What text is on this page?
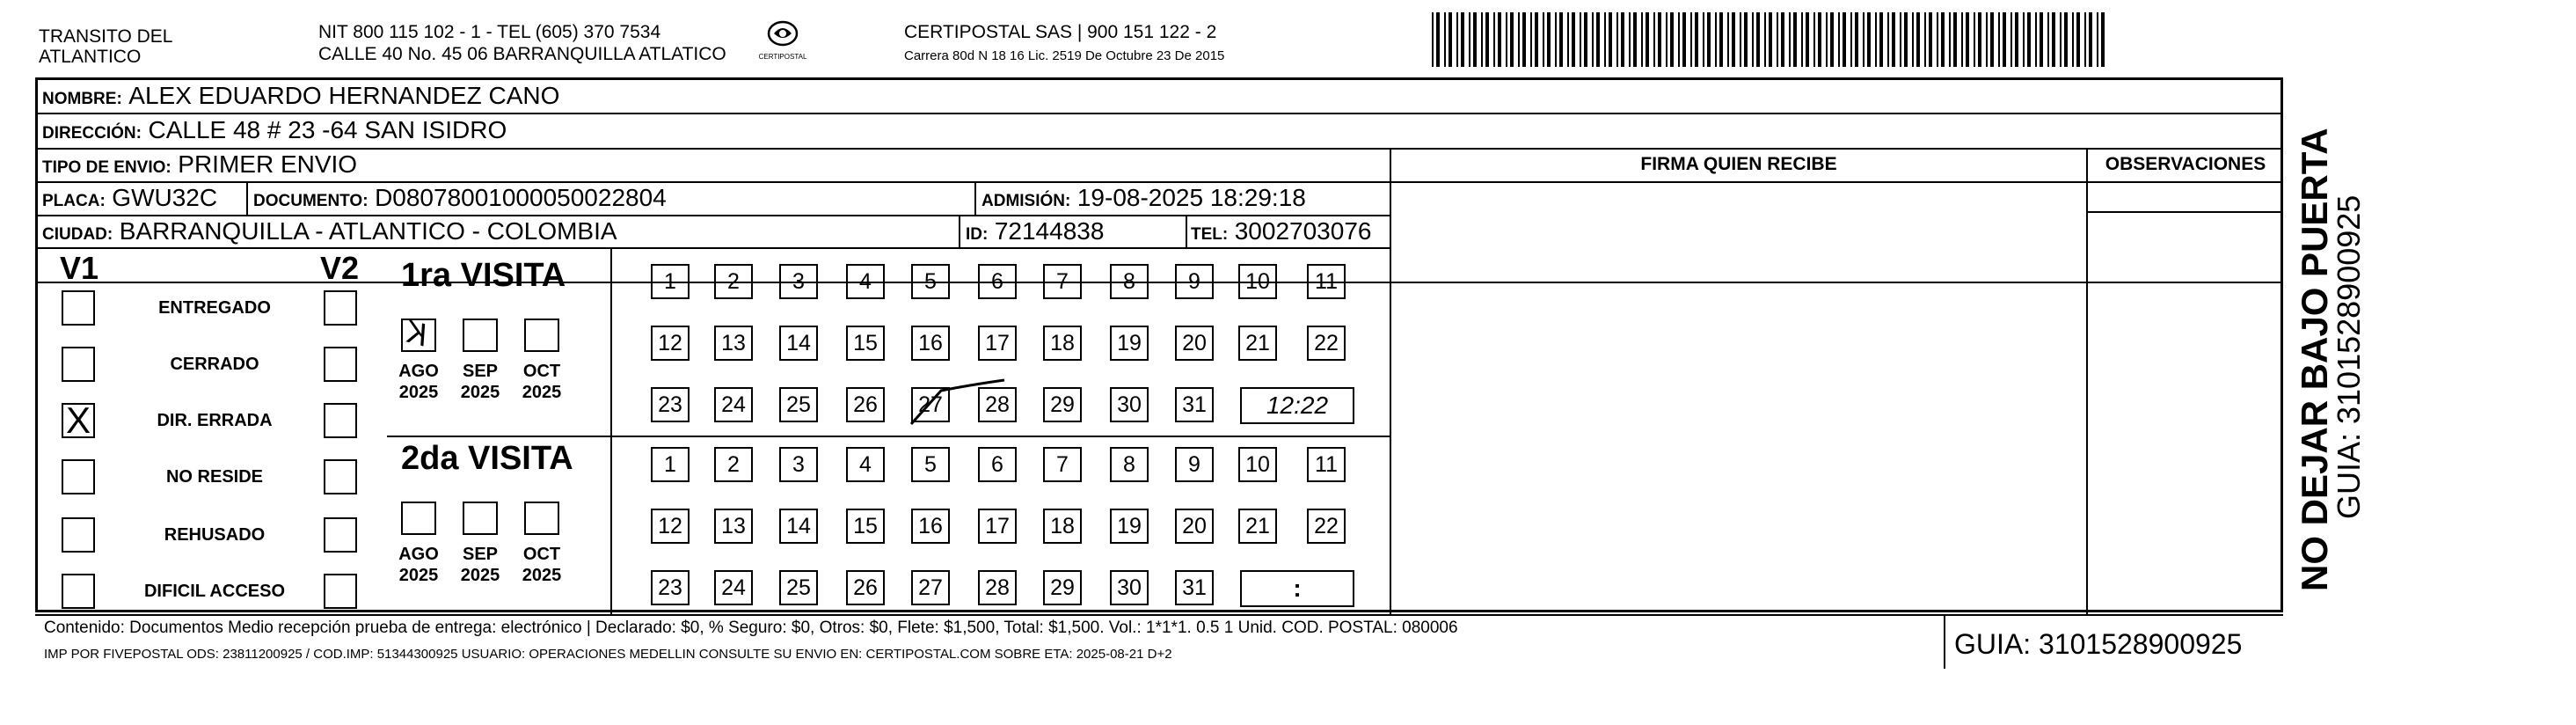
TRANSITO DEL
ATLANTICO
NIT 800 115 102 - 1 - TEL (605) 370 7534
CALLE 40 No. 45 06 BARRANQUILLA ATLATICO	CERTIPOSTAL
CERTIPOSTAL SAS | 900 151 122 - 2
Carrera 80d N 18 16 Lic. 2519 De Octubre 23 De 2015
NOMBRE: ALEX EDUARDO HERNANDEZ CANO
DIRECCIÓN: CALLE 48 # 23 -64 SAN ISIDRO
TIPO DE ENVIO: PRIMER ENVIO	FIRMA QUIEN RECIBE	OBSERVACIONES
PLACA: GWU32C DOCUMENTO: D0807800100005002280​4	ADMISIÓN: 19-08-2025 18:29:18
CIUDAD: BARRANQUILLA - ATLANTICO - COLOMBIA	ID: 72144838	TEL: 3002703076
V1	V2
ENTREGADO
CERRADO
X	DIR. ERRADA
NO RESIDE
REHUSADO
DIFICIL ACCESO
1ra VISITA
2da VISITA
K
AGO
2025
SEP
2025
OCT
2025
1	2	3	4	5	6	7	8	9	10	11
12	13	14	15	16	17	18	19	20	21	22
23	24	25	26	27	28	29	30	31	12:22
AGO
2025
SEP
2025
OCT
2025
1	2	3	4	5	6	7	8	9	10	11
12	13	14	15	16	17	18	19	20	21	22
23	24	25	26	27	28	29	30	31	:
Contenido: Documentos Medio recepción prueba de entrega: electrónico | Declarado: $0, % Seguro: $0, Otros: $0, Flete: $1,500, Total: $1,500. Vol.: 1*1*1. 0.5 1 Unid. COD. POSTAL: 080006
IMP POR FIVEPOSTAL ODS: 23811200925 / COD.IMP: 51344300925 USUARIO: OPERACIONES MEDELLIN CONSULTE SU ENVIO EN: CERTIPOSTAL.COM SOBRE ETA: 2025-08-21 D+2	GUIA: 3101528900925
NO DEJAR BAJO PUERTA
GUIA: 3101528900925
